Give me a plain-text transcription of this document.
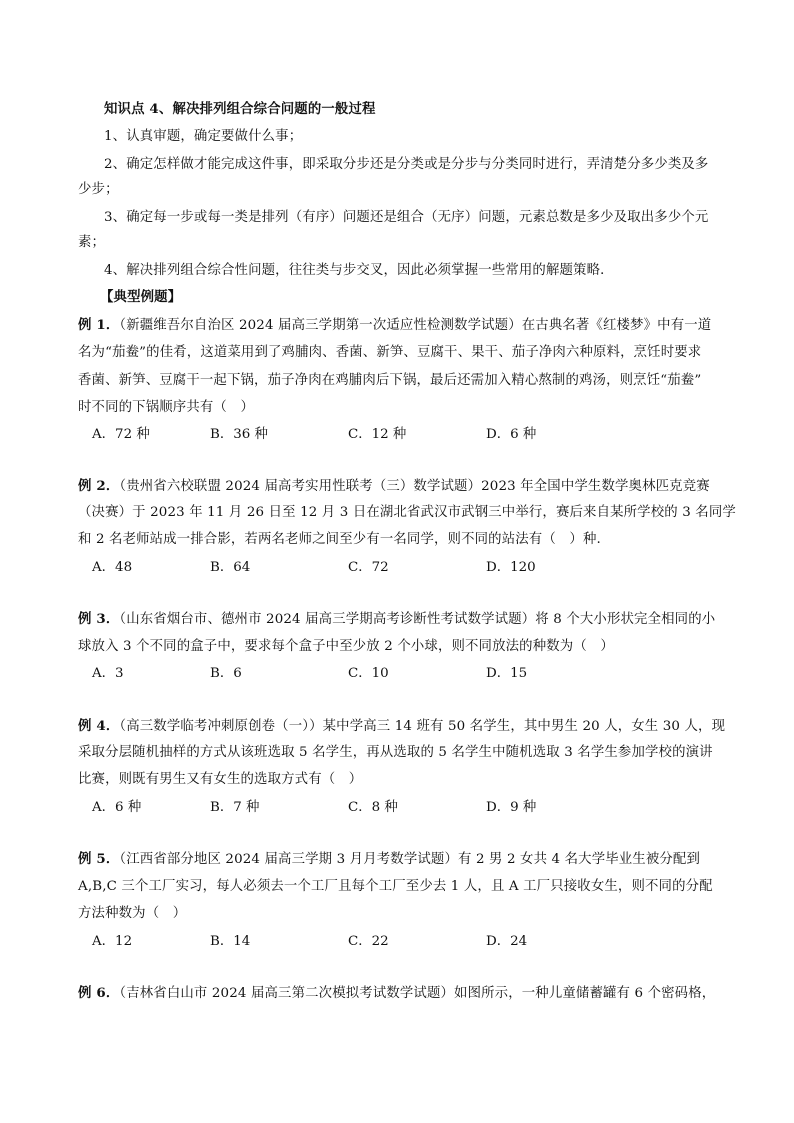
知识点 4、解决排列组合综合问题的一般过程
1、认真审题，确定要做什么事；
2、确定怎样做才能完成这件事，即采取分步还是分类或是分步与分类同时进行，弄清楚分多少类及多
少步；
3、确定每一步或每一类是排列（有序）问题还是组合（无序）问题，元素总数是多少及取出多少个元
素；
4、解决排列组合综合性问题，往往类与步交叉，因此必须掌握一些常用的解题策略．
【典型例题】
例 1．（新疆维吾尔自治区 2024 届高三学期第一次适应性检测数学试题）在古典名著《红楼梦》中有一道
名为“茄鲞”的佳肴，这道菜用到了鸡脯肉、香菌、新笋、豆腐干、果干、茄子净肉六种原料，烹饪时要求
香菌、新笋、豆腐干一起下锅，茄子净肉在鸡脯肉后下锅，最后还需加入精心熬制的鸡汤，则烹饪“茄鲞”
时不同的下锅顺序共有（　）
A．72 种	B．36 种	C．12 种	D．6 种
例 2．（贵州省六校联盟 2024 届高考实用性联考（三）数学试题）2023 年全国中学生数学奥林匹克竞赛
（决赛）于 2023 年 11 月 26 日至 12 月 3 日在湖北省武汉市武钢三中举行，赛后来自某所学校的 3 名同学
和 2 名老师站成一排合影，若两名老师之间至少有一名同学，则不同的站法有（　）种.
A．48	B．64	C．72	D．120
例 3．（山东省烟台市、德州市 2024 届高三学期高考诊断性考试数学试题）将 8 个大小形状完全相同的小
球放入 3 个不同的盒子中，要求每个盒子中至少放 2 个小球，则不同放法的种数为（　）
A．3	B．6	C．10	D．15
例 4．（高三数学临考冲刺原创卷（一））某中学高三 14 班有 50 名学生，其中男生 20 人，女生 30 人，现
采取分层随机抽样的方式从该班选取 5 名学生，再从选取的 5 名学生中随机选取 3 名学生参加学校的演讲
比赛，则既有男生又有女生的选取方式有（　）
A．6 种	B．7 种	C．8 种	D．9 种
例 5．（江西省部分地区 2024 届高三学期 3 月月考数学试题）有 2 男 2 女共 4 名大学毕业生被分配到
A,B,C 三个工厂实习，每人必须去一个工厂且每个工厂至少去 1 人，且 A 工厂只接收女生，则不同的分配
方法种数为（　）
A．12	B．14	C．22	D．24
例 6．（吉林省白山市 2024 届高三第二次模拟考试数学试题）如图所示，一种儿童储蓄罐有 6 个密码格，
